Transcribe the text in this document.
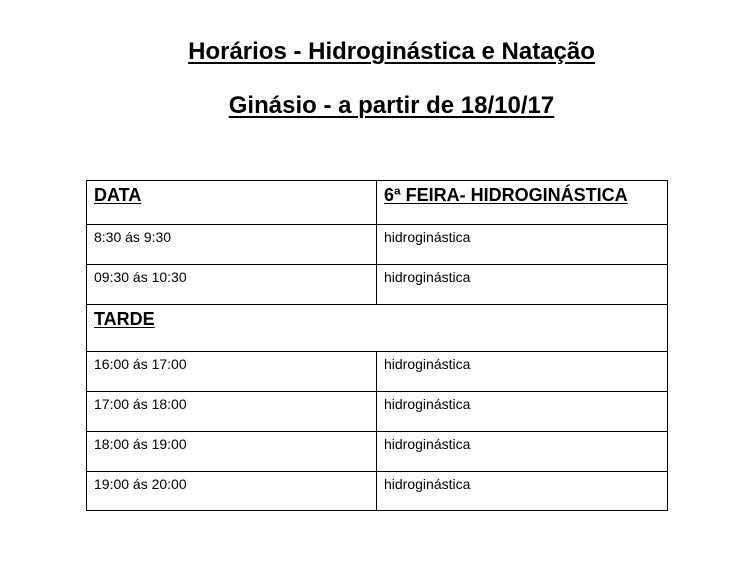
Horários - Hidroginástica e Natação
Ginásio - a partir de 18/10/17
DATA	6ª FEIRA- HIDROGINÁSTICA
8:30 ás 9:30	hidroginástica
09:30 ás 10:30	hidroginástica
TARDE	
16:00 ás 17:00	hidroginástica
17:00 ás 18:00	hidroginástica
18:00 ás 19:00	hidroginástica
19:00 ás 20:00	hidroginástica
